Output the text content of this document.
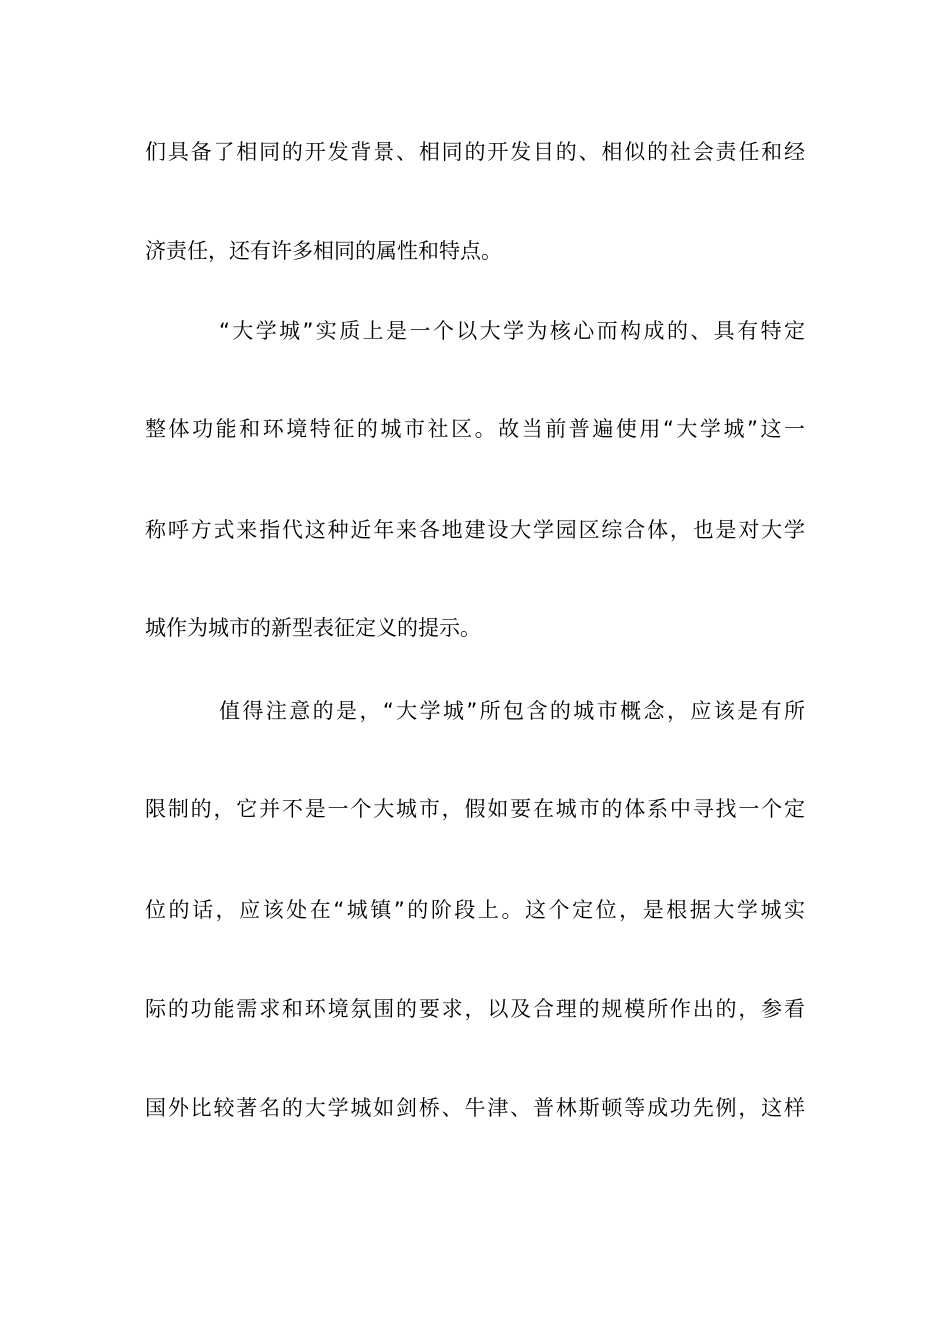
们具备了相同的开发背景、相同的开发目的、相似的社会责任和经
济责任，还有许多相同的属性和特点。
“大学城”实质上是一个以大学为核心而构成的、具有特定
整体功能和环境特征的城市社区。故当前普遍使用“大学城”这一
称呼方式来指代这种近年来各地建设大学园区综合体，也是对大学
城作为城市的新型表征定义的提示。
值得注意的是，“大学城”所包含的城市概念，应该是有所
限制的，它并不是一个大城市，假如要在城市的体系中寻找一个定
位的话，应该处在“城镇”的阶段上。这个定位，是根据大学城实
际的功能需求和环境氛围的要求，以及合理的规模所作出的，参看
国外比较著名的大学城如剑桥、牛津、普林斯顿等成功先例，这样
